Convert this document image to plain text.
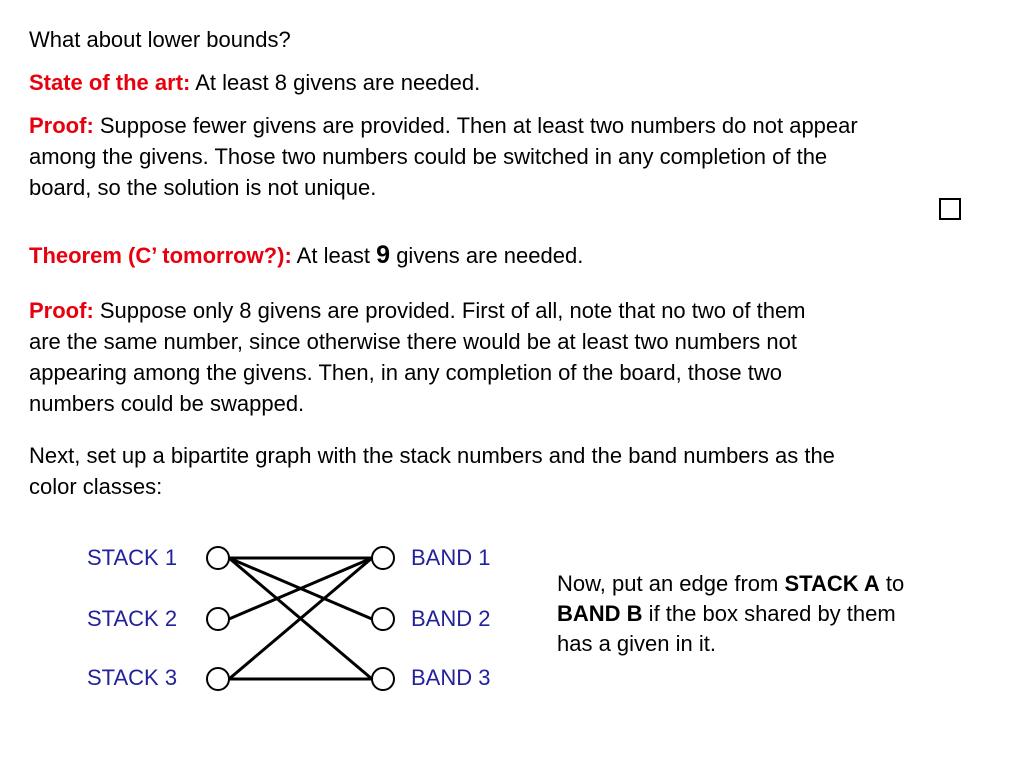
What about lower bounds?

State of the art: At least 8 givens are needed.

Proof: Suppose fewer givens are provided. Then at least two numbers do not appear

among the givens. Those two numbers could be switched in any completion of the

board, so the solution is not unique.

Theorem (C’ tomorrow?): At least 9 givens are needed.

Proof: Suppose only 8 givens are provided. First of all, note that no two of them

are the same number, since otherwise there would be at least two numbers not

appearing among the givens. Then, in any completion of the board, those two

numbers could be swapped.

Next, set up a bipartite graph with the stack numbers and the band numbers as the

color classes:

STACK 1
STACK 2
STACK 3
BAND 1
BAND 2
BAND 3
Now, put an edge from STACK A to
BAND B if the box shared by them
has a given in it.
